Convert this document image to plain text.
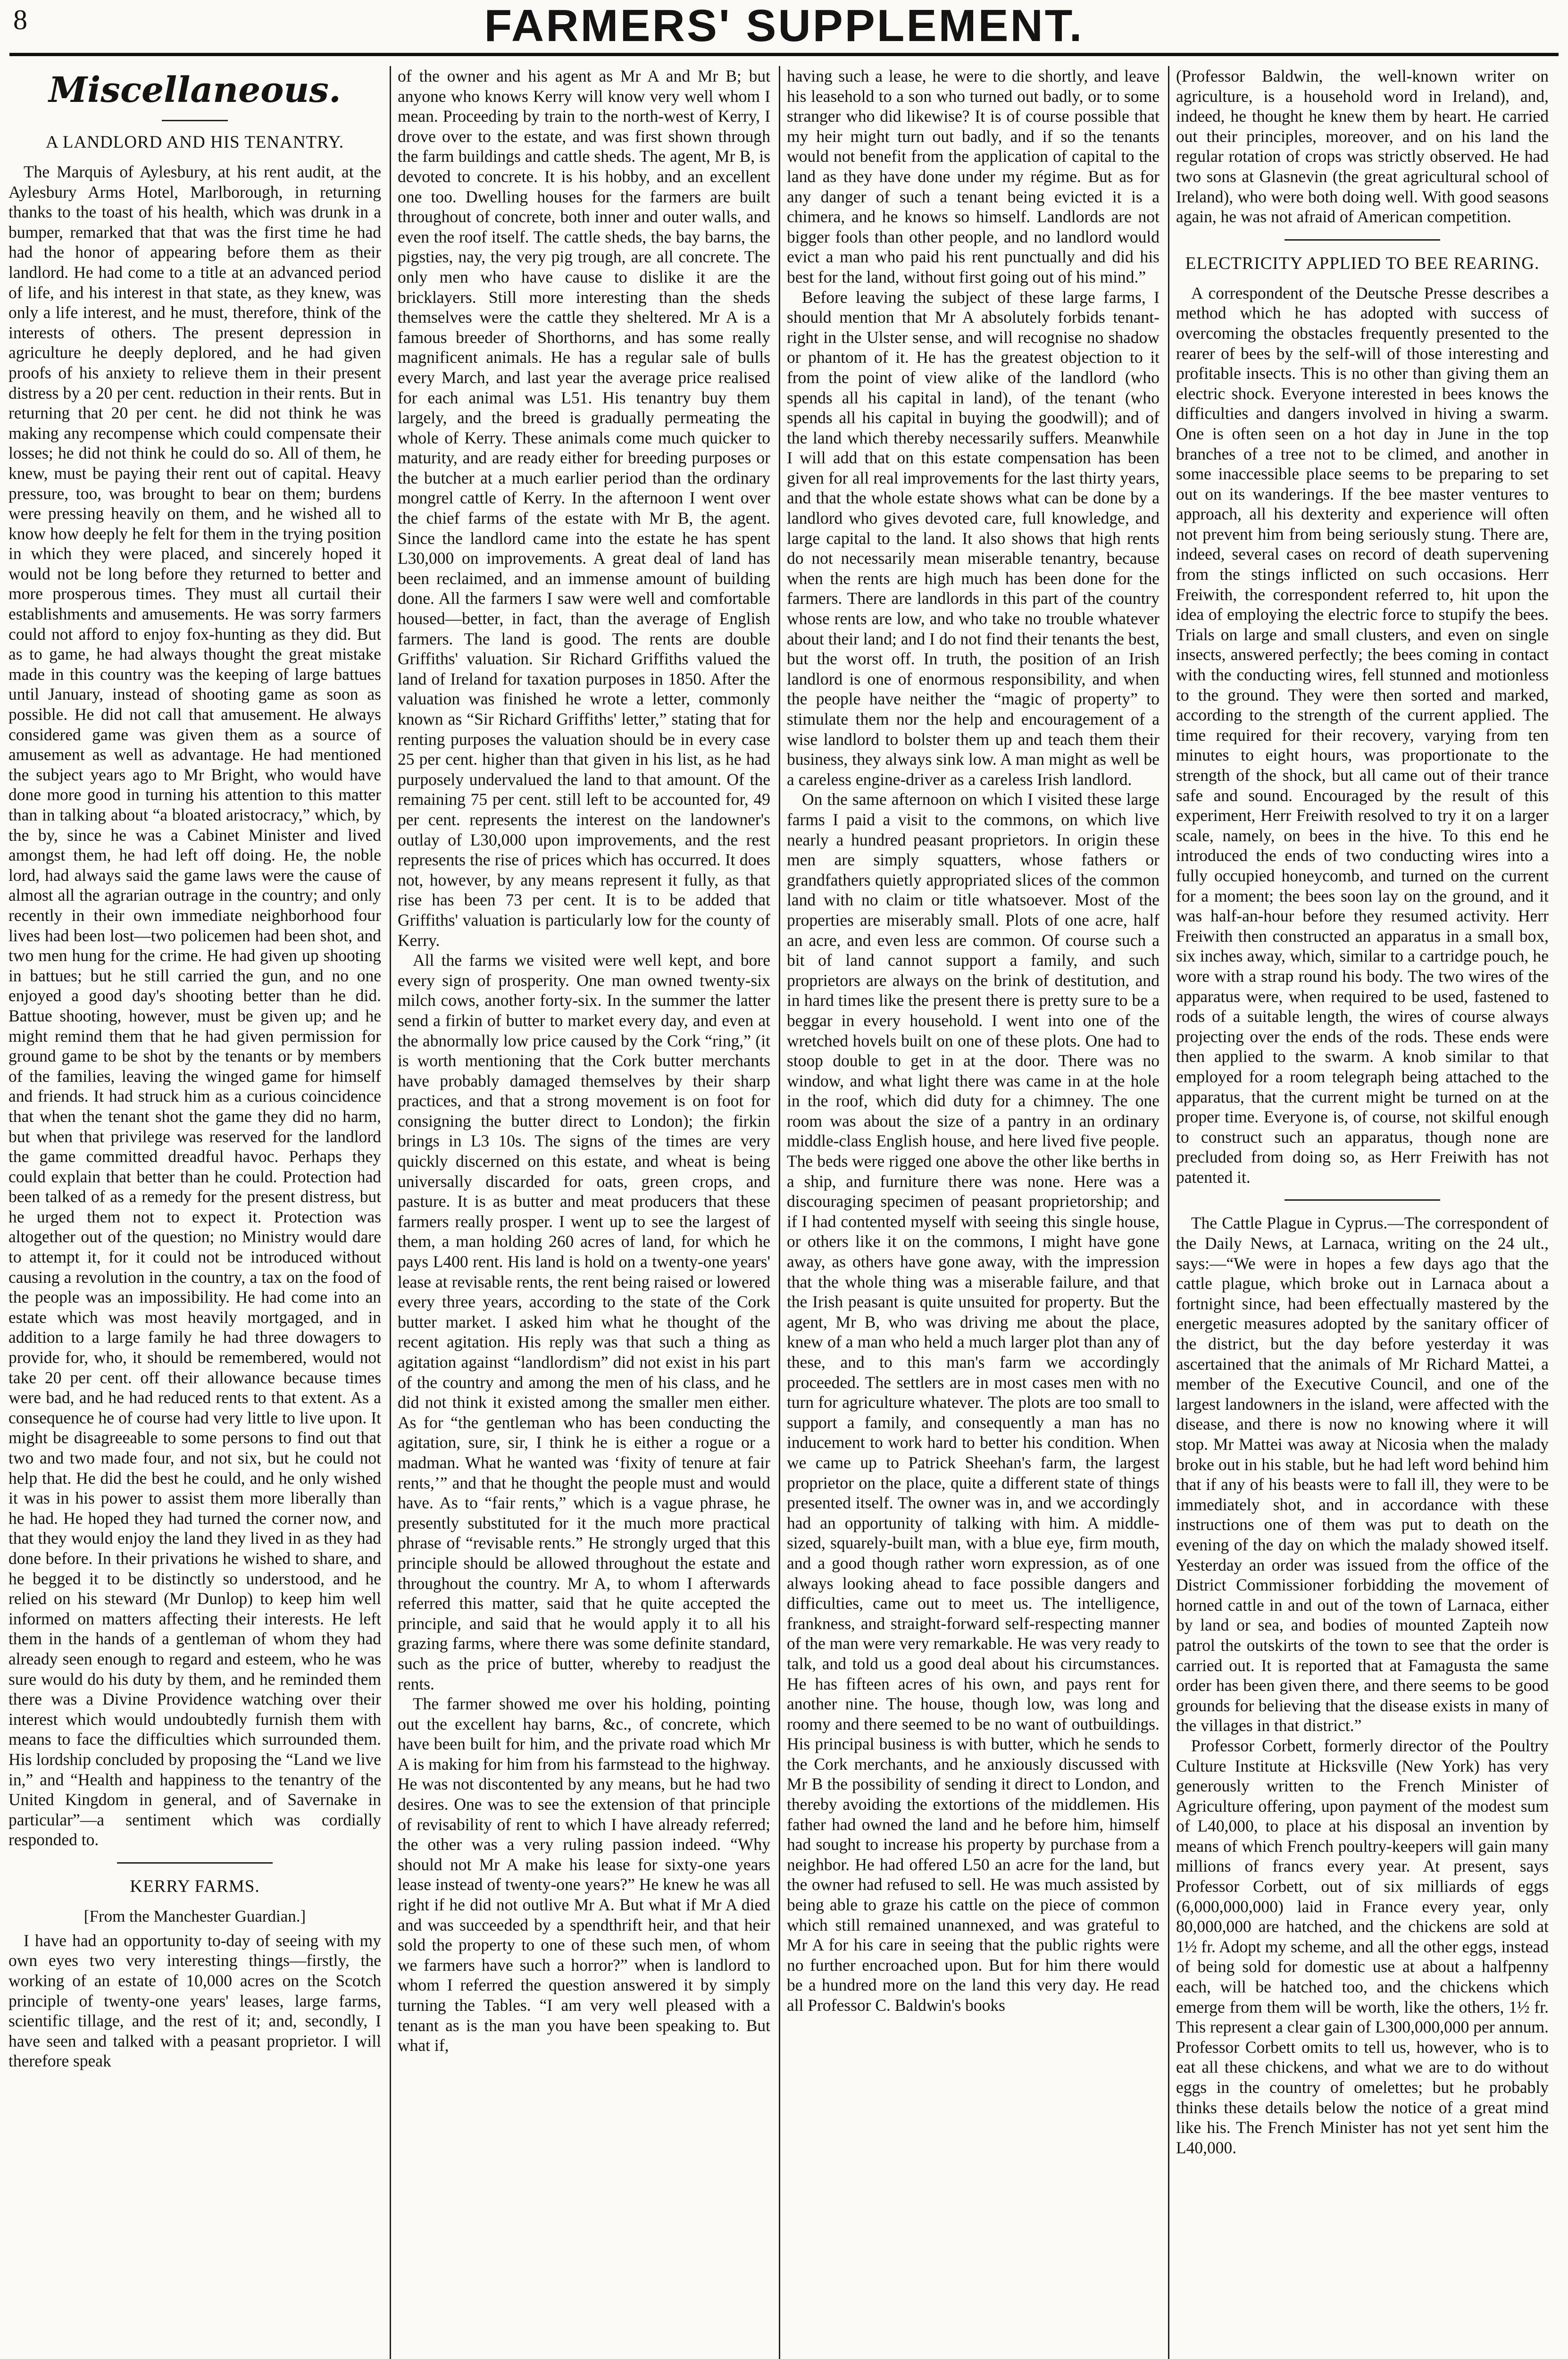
8	FARMERS' SUPPLEMENT.
Miscellaneous.
A LANDLORD AND HIS TENANTRY.

The Marquis of Aylesbury, at his rent audit, at the Aylesbury Arms Hotel, Marlborough, in returning thanks to the toast of his health, which was drunk in a bumper, remarked that that was the first time he had had the honor of appearing before them as their landlord. He had come to a title at an advanced period of life, and his interest in that state, as they knew, was only a life interest, and he must, therefore, think of the interests of others. The present depression in agriculture he deeply deplored, and he had given proofs of his anxiety to relieve them in their present distress by a 20 per cent. reduction in their rents. But in returning that 20 per cent. he did not think he was making any recompense which could compensate their losses; he did not think he could do so. All of them, he knew, must be paying their rent out of capital. Heavy pressure, too, was brought to bear on them; burdens were pressing heavily on them, and he wished all to know how deeply he felt for them in the trying position in which they were placed, and sincerely hoped it would not be long before they returned to better and more prosperous times. They must all curtail their establishments and amusements. He was sorry farmers could not afford to enjoy fox-hunting as they did. But as to game, he had always thought the great mistake made in this country was the keeping of large battues until January, instead of shooting game as soon as possible. He did not call that amusement. He always considered game was given them as a source of amusement as well as advantage. He had mentioned the subject years ago to Mr Bright, who would have done more good in turning his attention to this matter than in talking about “a bloated aristocracy,” which, by the by, since he was a Cabinet Minister and lived amongst them, he had left off doing. He, the noble lord, had always said the game laws were the cause of almost all the agrarian outrage in the country; and only recently in their own immediate neighborhood four lives had been lost—two policemen had been shot, and two men hung for the crime. He had given up shooting in battues; but he still carried the gun, and no one enjoyed a good day's shooting better than he did. Battue shooting, however, must be given up; and he might remind them that he had given permission for ground game to be shot by the tenants or by members of the families, leaving the winged game for himself and friends. It had struck him as a curious coincidence that when the tenant shot the game they did no harm, but when that privilege was reserved for the landlord the game committed dreadful havoc. Perhaps they could explain that better than he could. Protection had been talked of as a remedy for the present distress, but he urged them not to expect it. Protection was altogether out of the question; no Ministry would dare to attempt it, for it could not be introduced without causing a revolution in the country, a tax on the food of the people was an impossibility. He had come into an estate which was most heavily mortgaged, and in addition to a large family he had three dowagers to provide for, who, it should be remembered, would not take 20 per cent. off their allowance because times were bad, and he had reduced rents to that extent. As a consequence he of course had very little to live upon. It might be disagreeable to some persons to find out that two and two made four, and not six, but he could not help that. He did the best he could, and he only wished it was in his power to assist them more liberally than he had. He hoped they had turned the corner now, and that they would enjoy the land they lived in as they had done before. In their privations he wished to share, and he begged it to be distinctly so understood, and he relied on his steward (Mr Dunlop) to keep him well informed on matters affecting their interests. He left them in the hands of a gentleman of whom they had already seen enough to regard and esteem, who he was sure would do his duty by them, and he reminded them there was a Divine Providence watching over their interest which would undoubtedly furnish them with means to face the difficulties which surrounded them. His lordship concluded by proposing the “Land we live in,” and “Health and happiness to the tenantry of the United Kingdom in general, and of Savernake in particular”—a sentiment which was cordially responded to.

KERRY FARMS.
[From the Manchester Guardian.]

I have had an opportunity to-day of seeing with my own eyes two very interesting things—firstly, the working of an estate of 10,000 acres on the Scotch principle of twenty-one years' leases, large farms, scientific tillage, and the rest of it; and, secondly, I have seen and talked with a peasant proprietor. I will therefore speak

of the owner and his agent as Mr A and Mr B; but anyone who knows Kerry will know very well whom I mean. Proceeding by train to the north-west of Kerry, I drove over to the estate, and was first shown through the farm buildings and cattle sheds. The agent, Mr B, is devoted to concrete. It is his hobby, and an excellent one too. Dwelling houses for the farmers are built throughout of concrete, both inner and outer walls, and even the roof itself. The cattle sheds, the bay barns, the pigsties, nay, the very pig trough, are all concrete. The only men who have cause to dislike it are the bricklayers. Still more interesting than the sheds themselves were the cattle they sheltered. Mr A is a famous breeder of Shorthorns, and has some really magnificent animals. He has a regular sale of bulls every March, and last year the average price realised for each animal was L51. His tenantry buy them largely, and the breed is gradually permeating the whole of Kerry. These animals come much quicker to maturity, and are ready either for breeding purposes or the butcher at a much earlier period than the ordinary mongrel cattle of Kerry. In the afternoon I went over the chief farms of the estate with Mr B, the agent. Since the landlord came into the estate he has spent L30,000 on improvements. A great deal of land has been reclaimed, and an immense amount of building done. All the farmers I saw were well and comfortable housed—better, in fact, than the average of English farmers. The land is good. The rents are double Griffiths' valuation. Sir Richard Griffiths valued the land of Ireland for taxation purposes in 1850. After the valuation was finished he wrote a letter, commonly known as “Sir Richard Griffiths' letter,” stating that for renting purposes the valuation should be in every case 25 per cent. higher than that given in his list, as he had purposely undervalued the land to that amount. Of the remaining 75 per cent. still left to be accounted for, 49 per cent. represents the interest on the landowner's outlay of L30,000 upon improvements, and the rest represents the rise of prices which has occurred. It does not, however, by any means represent it fully, as that rise has been 73 per cent. It is to be added that Griffiths' valuation is particularly low for the county of Kerry.

All the farms we visited were well kept, and bore every sign of prosperity. One man owned twenty-six milch cows, another forty-six. In the summer the latter send a firkin of butter to market every day, and even at the abnormally low price caused by the Cork “ring,” (it is worth mentioning that the Cork butter merchants have probably damaged themselves by their sharp practices, and that a strong movement is on foot for consigning the butter direct to London); the firkin brings in L3 10s. The signs of the times are very quickly discerned on this estate, and wheat is being universally discarded for oats, green crops, and pasture. It is as butter and meat producers that these farmers really prosper. I went up to see the largest of them, a man holding 260 acres of land, for which he pays L400 rent. His land is hold on a twenty-one years' lease at revisable rents, the rent being raised or lowered every three years, according to the state of the Cork butter market. I asked him what he thought of the recent agitation. His reply was that such a thing as agitation against “landlordism” did not exist in his part of the country and among the men of his class, and he did not think it existed among the smaller men either. As for “the gentleman who has been conducting the agitation, sure, sir, I think he is either a rogue or a madman. What he wanted was ‘fixity of tenure at fair rents,’” and that he thought the people must and would have. As to “fair rents,” which is a vague phrase, he presently substituted for it the much more practical phrase of “revisable rents.” He strongly urged that this principle should be allowed throughout the estate and throughout the country. Mr A, to whom I afterwards referred this matter, said that he quite accepted the principle, and said that he would apply it to all his grazing farms, where there was some definite standard, such as the price of butter, whereby to readjust the rents.

The farmer showed me over his holding, pointing out the excellent hay barns, &c., of concrete, which have been built for him, and the private road which Mr A is making for him from his farmstead to the highway. He was not discontented by any means, but he had two desires. One was to see the extension of that principle of revisability of rent to which I have already referred; the other was a very ruling passion indeed. “Why should not Mr A make his lease for sixty-one years lease instead of twenty-one years?” He knew he was all right if he did not outlive Mr A. But what if Mr A died and was succeeded by a spendthrift heir, and that heir sold the property to one of these such men, of whom we farmers have such a horror?” when is landlord to whom I referred the question answered it by simply turning the Tables. “I am very well pleased with a tenant as is the man you have been speaking to. But what if,

having such a lease, he were to die shortly, and leave his leasehold to a son who turned out badly, or to some stranger who did likewise? It is of course possible that my heir might turn out badly, and if so the tenants would not benefit from the application of capital to the land as they have done under my régime. But as for any danger of such a tenant being evicted it is a chimera, and he knows so himself. Landlords are not bigger fools than other people, and no landlord would evict a man who paid his rent punctually and did his best for the land, without first going out of his mind.”

Before leaving the subject of these large farms, I should mention that Mr A absolutely forbids tenant-right in the Ulster sense, and will recognise no shadow or phantom of it. He has the greatest objection to it from the point of view alike of the landlord (who spends all his capital in land), of the tenant (who spends all his capital in buying the goodwill); and of the land which thereby necessarily suffers. Meanwhile I will add that on this estate compensation has been given for all real improvements for the last thirty years, and that the whole estate shows what can be done by a landlord who gives devoted care, full knowledge, and large capital to the land. It also shows that high rents do not necessarily mean miserable tenantry, because when the rents are high much has been done for the farmers. There are landlords in this part of the country whose rents are low, and who take no trouble whatever about their land; and I do not find their tenants the best, but the worst off. In truth, the position of an Irish landlord is one of enormous responsibility, and when the people have neither the “magic of property” to stimulate them nor the help and encouragement of a wise landlord to bolster them up and teach them their business, they always sink low. A man might as well be a careless engine-driver as a careless Irish landlord.

On the same afternoon on which I visited these large farms I paid a visit to the commons, on which live nearly a hundred peasant proprietors. In origin these men are simply squatters, whose fathers or grandfathers quietly appropriated slices of the common land with no claim or title whatsoever. Most of the properties are miserably small. Plots of one acre, half an acre, and even less are common. Of course such a bit of land cannot support a family, and such proprietors are always on the brink of destitution, and in hard times like the present there is pretty sure to be a beggar in every household. I went into one of the wretched hovels built on one of these plots. One had to stoop double to get in at the door. There was no window, and what light there was came in at the hole in the roof, which did duty for a chimney. The one room was about the size of a pantry in an ordinary middle-class English house, and here lived five people. The beds were rigged one above the other like berths in a ship, and furniture there was none. Here was a discouraging specimen of peasant proprietorship; and if I had contented myself with seeing this single house, or others like it on the commons, I might have gone away, as others have gone away, with the impression that the whole thing was a miserable failure, and that the Irish peasant is quite unsuited for property. But the agent, Mr B, who was driving me about the place, knew of a man who held a much larger plot than any of these, and to this man's farm we accordingly proceeded. The settlers are in most cases men with no turn for agriculture whatever. The plots are too small to support a family, and consequently a man has no inducement to work hard to better his condition. When we came up to Patrick Sheehan's farm, the largest proprietor on the place, quite a different state of things presented itself. The owner was in, and we accordingly had an opportunity of talking with him. A middle-sized, squarely-built man, with a blue eye, firm mouth, and a good though rather worn expression, as of one always looking ahead to face possible dangers and difficulties, came out to meet us. The intelligence, frankness, and straight-forward self-respecting manner of the man were very remarkable. He was very ready to talk, and told us a good deal about his circumstances. He has fifteen acres of his own, and pays rent for another nine. The house, though low, was long and roomy and there seemed to be no want of outbuildings. His principal business is with butter, which he sends to the Cork merchants, and he anxiously discussed with Mr B the possibility of sending it direct to London, and thereby avoiding the extortions of the middlemen. His father had owned the land and he before him, himself had sought to increase his property by purchase from a neighbor. He had offered L50 an acre for the land, but the owner had refused to sell. He was much assisted by being able to graze his cattle on the piece of common which still remained unannexed, and was grateful to Mr A for his care in seeing that the public rights were no further encroached upon. But for him there would be a hundred more on the land this very day. He read all Professor C. Baldwin's books

(Professor Baldwin, the well-known writer on agriculture, is a household word in Ireland), and, indeed, he thought he knew them by heart. He carried out their principles, moreover, and on his land the regular rotation of crops was strictly observed. He had two sons at Glasnevin (the great agricultural school of Ireland), who were both doing well. With good seasons again, he was not afraid of American competition.

ELECTRICITY APPLIED TO BEE REARING.

A correspondent of the Deutsche Presse describes a method which he has adopted with success of overcoming the obstacles frequently presented to the rearer of bees by the self-will of those interesting and profitable insects. This is no other than giving them an electric shock. Everyone interested in bees knows the difficulties and dangers involved in hiving a swarm. One is often seen on a hot day in June in the top branches of a tree not to be climed, and another in some inaccessible place seems to be preparing to set out on its wanderings. If the bee master ventures to approach, all his dexterity and experience will often not prevent him from being seriously stung. There are, indeed, several cases on record of death supervening from the stings inflicted on such occasions. Herr Freiwith, the correspondent referred to, hit upon the idea of employing the electric force to stupify the bees. Trials on large and small clusters, and even on single insects, answered perfectly; the bees coming in contact with the conducting wires, fell stunned and motionless to the ground. They were then sorted and marked, according to the strength of the current applied. The time required for their recovery, varying from ten minutes to eight hours, was proportionate to the strength of the shock, but all came out of their trance safe and sound. Encouraged by the result of this experiment, Herr Freiwith resolved to try it on a larger scale, namely, on bees in the hive. To this end he introduced the ends of two conducting wires into a fully occupied honeycomb, and turned on the current for a moment; the bees soon lay on the ground, and it was half-an-hour before they resumed activity. Herr Freiwith then constructed an apparatus in a small box, six inches away, which, similar to a cartridge pouch, he wore with a strap round his body. The two wires of the apparatus were, when required to be used, fastened to rods of a suitable length, the wires of course always projecting over the ends of the rods. These ends were then applied to the swarm. A knob similar to that employed for a room telegraph being attached to the apparatus, that the current might be turned on at the proper time. Everyone is, of course, not skilful enough to construct such an apparatus, though none are precluded from doing so, as Herr Freiwith has not patented it.

The Cattle Plague in Cyprus.—The correspondent of the Daily News, at Larnaca, writing on the 24 ult., says:—“We were in hopes a few days ago that the cattle plague, which broke out in Larnaca about a fortnight since, had been effectually mastered by the energetic measures adopted by the sanitary officer of the district, but the day before yesterday it was ascertained that the animals of Mr Richard Mattei, a member of the Executive Council, and one of the largest landowners in the island, were affected with the disease, and there is now no knowing where it will stop. Mr Mattei was away at Nicosia when the malady broke out in his stable, but he had left word behind him that if any of his beasts were to fall ill, they were to be immediately shot, and in accordance with these instructions one of them was put to death on the evening of the day on which the malady showed itself. Yesterday an order was issued from the office of the District Commissioner forbidding the movement of horned cattle in and out of the town of Larnaca, either by land or sea, and bodies of mounted Zapteih now patrol the outskirts of the town to see that the order is carried out. It is reported that at Famagusta the same order has been given there, and there seems to be good grounds for believing that the disease exists in many of the villages in that district.”

Professor Corbett, formerly director of the Poultry Culture Institute at Hicksville (New York) has very generously written to the French Minister of Agriculture offering, upon payment of the modest sum of L40,000, to place at his disposal an invention by means of which French poultry-keepers will gain many millions of francs every year. At present, says Professor Corbett, out of six milliards of eggs (6,000,000,000) laid in France every year, only 80,000,000 are hatched, and the chickens are sold at 1½ fr. Adopt my scheme, and all the other eggs, instead of being sold for domestic use at about a halfpenny each, will be hatched too, and the chickens which emerge from them will be worth, like the others, 1½ fr. This represent a clear gain of L300,000,000 per annum. Professor Corbett omits to tell us, however, who is to eat all these chickens, and what we are to do without eggs in the country of omelettes; but he probably thinks these details below the notice of a great mind like his. The French Minister has not yet sent him the L40,000.
